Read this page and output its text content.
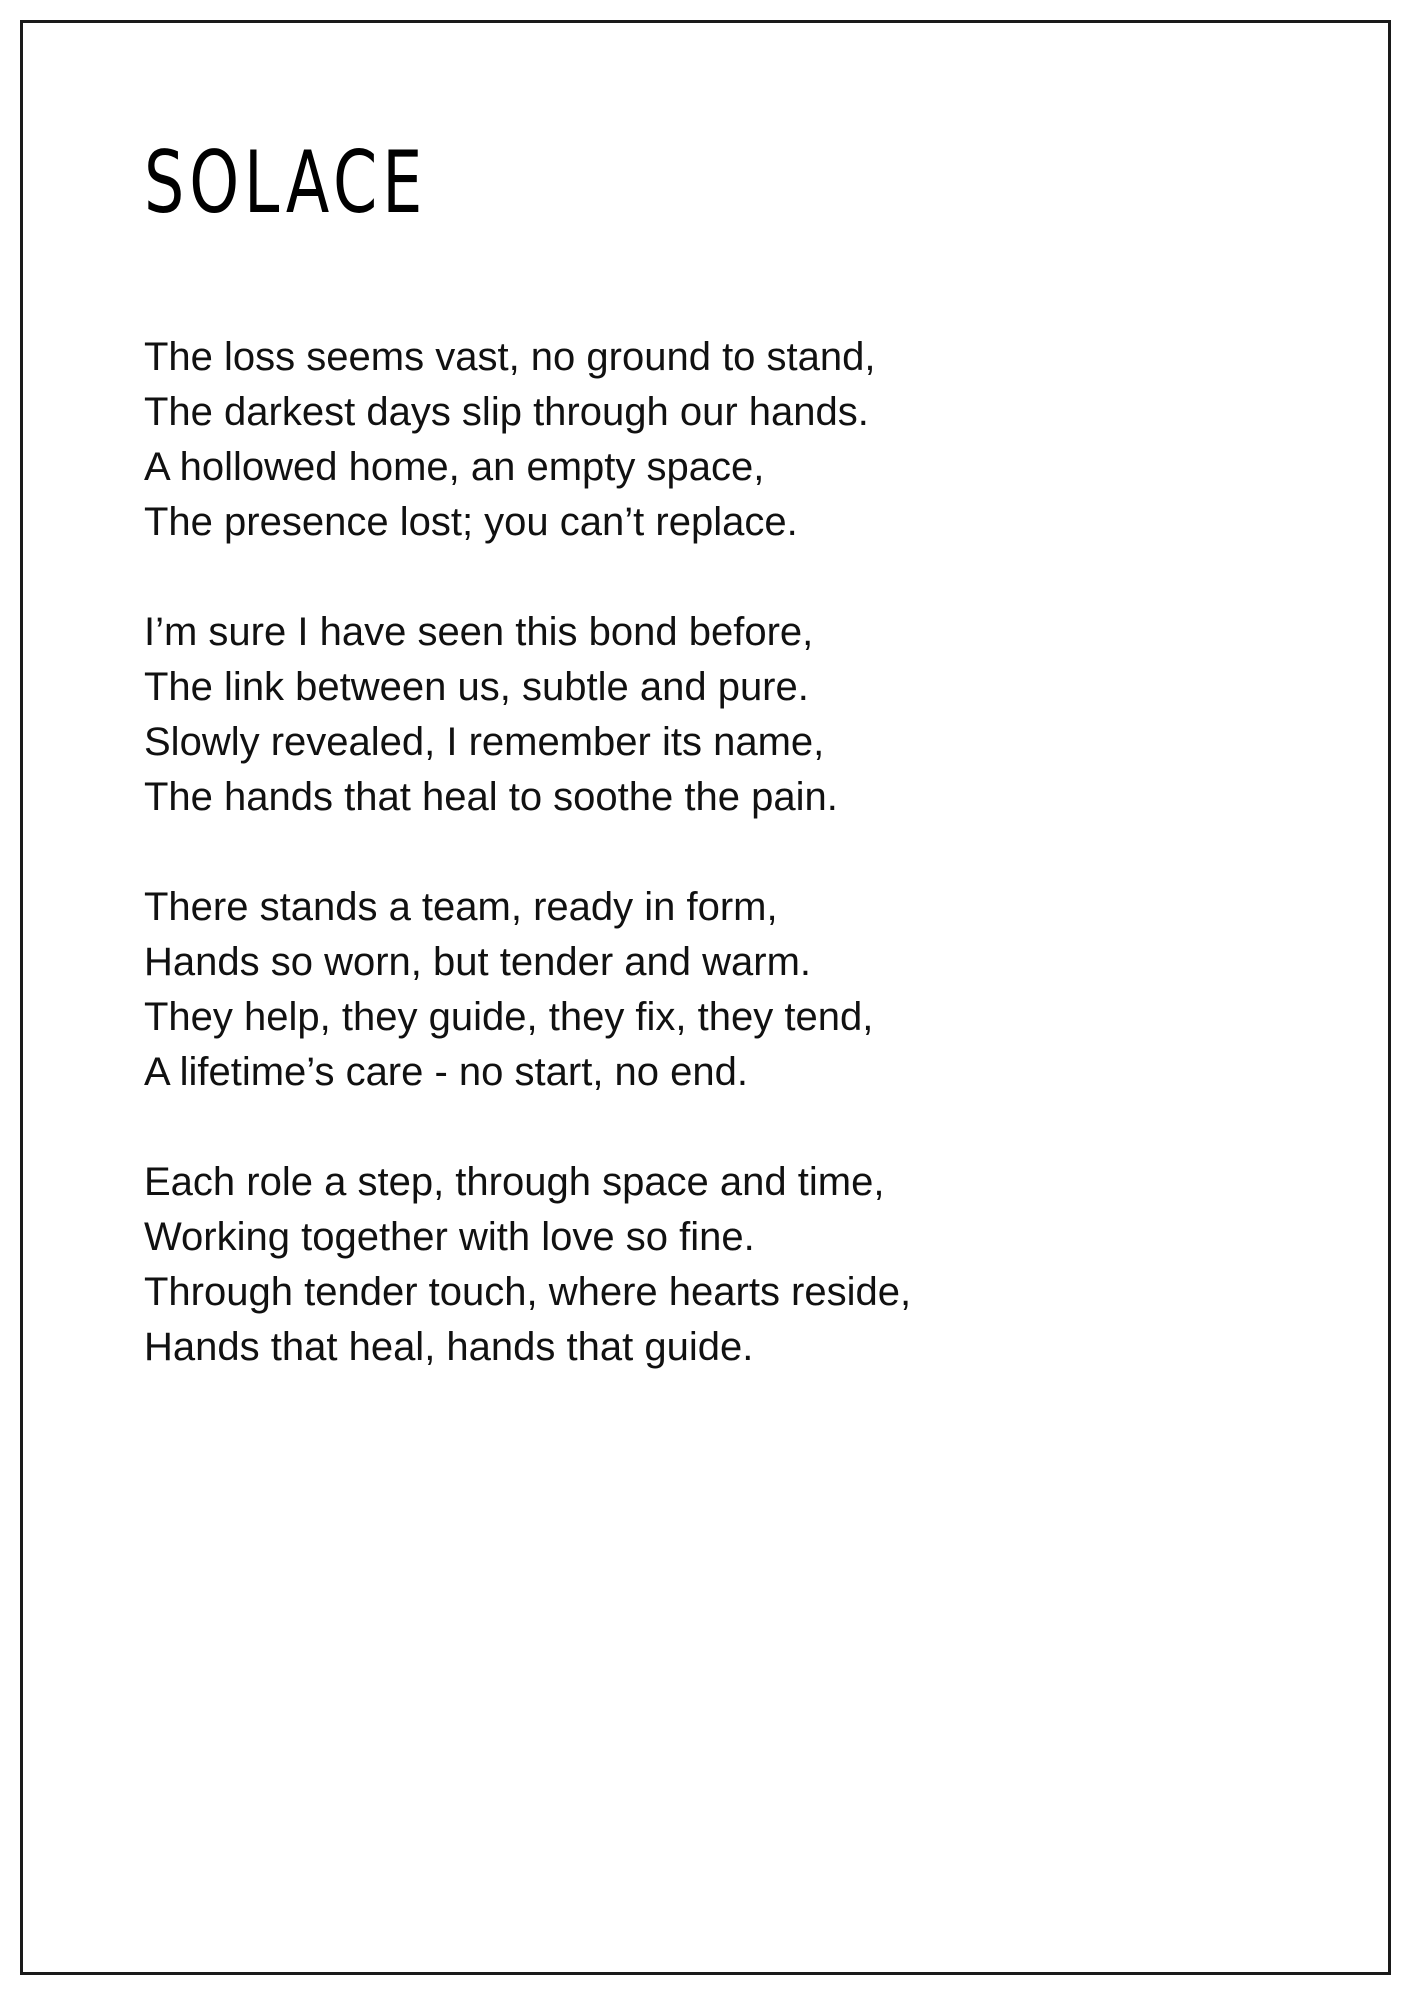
SOLACE
The loss seems vast, no ground to stand,
The darkest days slip through our hands.
A hollowed home, an empty space,
The presence lost; you can’t replace.
I’m sure I have seen this bond before,
The link between us, subtle and pure.
Slowly revealed, I remember its name,
The hands that heal to soothe the pain.
There stands a team, ready in form,
Hands so worn, but tender and warm.
They help, they guide, they fix, they tend,
A lifetime’s care - no start, no end.
Each role a step, through space and time,
Working together with love so fine.
Through tender touch, where hearts reside,
Hands that heal, hands that guide.
